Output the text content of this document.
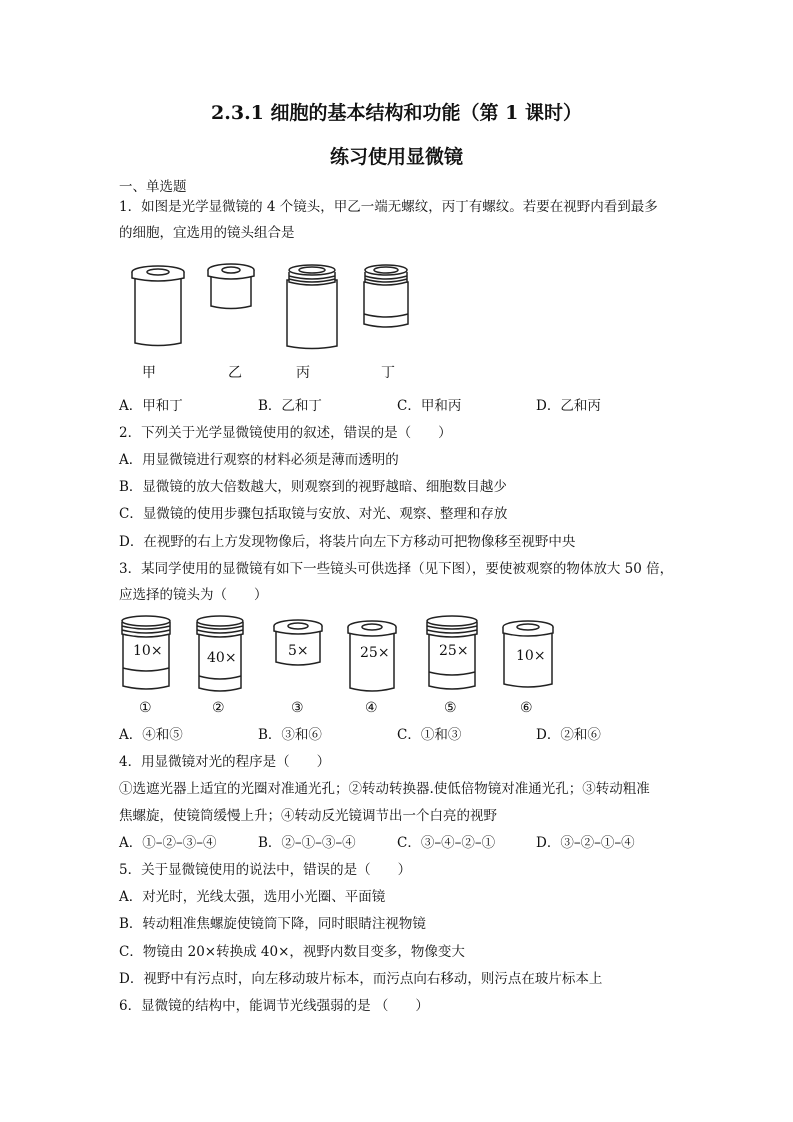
2.3.1 细胞的基本结构和功能（第 1 课时）
练习使用显微镜
一、单选题
1．如图是光学显微镜的 4 个镜头，甲乙一端无螺纹，丙丁有螺纹。若要在视野内看到最多
的细胞，宜选用的镜头组合是
甲	乙	丙	丁
A．甲和丁	B．乙和丁	C．甲和丙	D．乙和丙
2．下列关于光学显微镜使用的叙述，错误的是（　　）
A．用显微镜进行观察的材料必须是薄而透明的
B．显微镜的放大倍数越大，则观察到的视野越暗、细胞数目越少
C．显微镜的使用步骤包括取镜与安放、对光、观察、整理和存放
D．在视野的右上方发现物像后，将装片向左下方移动可把物像移至视野中央
3．某同学使用的显微镜有如下一些镜头可供选择（见下图），要使被观察的物体放大 50 倍，
应选择的镜头为（　　）
10×	40×	5×	25×	25×	10×
①	②	③	④	⑤	⑥
A．④和⑤	B．③和⑥	C．①和③	D．②和⑥
4．用显微镜对光的程序是（　　）
①选遮光器上适宜的光圈对准通光孔；②转动转换器.使低倍物镜对准通光孔；③转动粗准
焦螺旋，使镜筒缓慢上升；④转动反光镜调节出一个白亮的视野
A．①–②–③–④	B．②–①–③–④	C．③–④–②–①	D．③–②–①–④
5．关于显微镜使用的说法中，错误的是（　　）
A．对光时，光线太强，选用小光圈、平面镜
B．转动粗准焦螺旋使镜筒下降，同时眼睛注视物镜
C．物镜由 20×转换成 40×，视野内数目变多，物像变大
D．视野中有污点时，向左移动玻片标本，而污点向右移动，则污点在玻片标本上
6．显微镜的结构中，能调节光线强弱的是 （　　）
